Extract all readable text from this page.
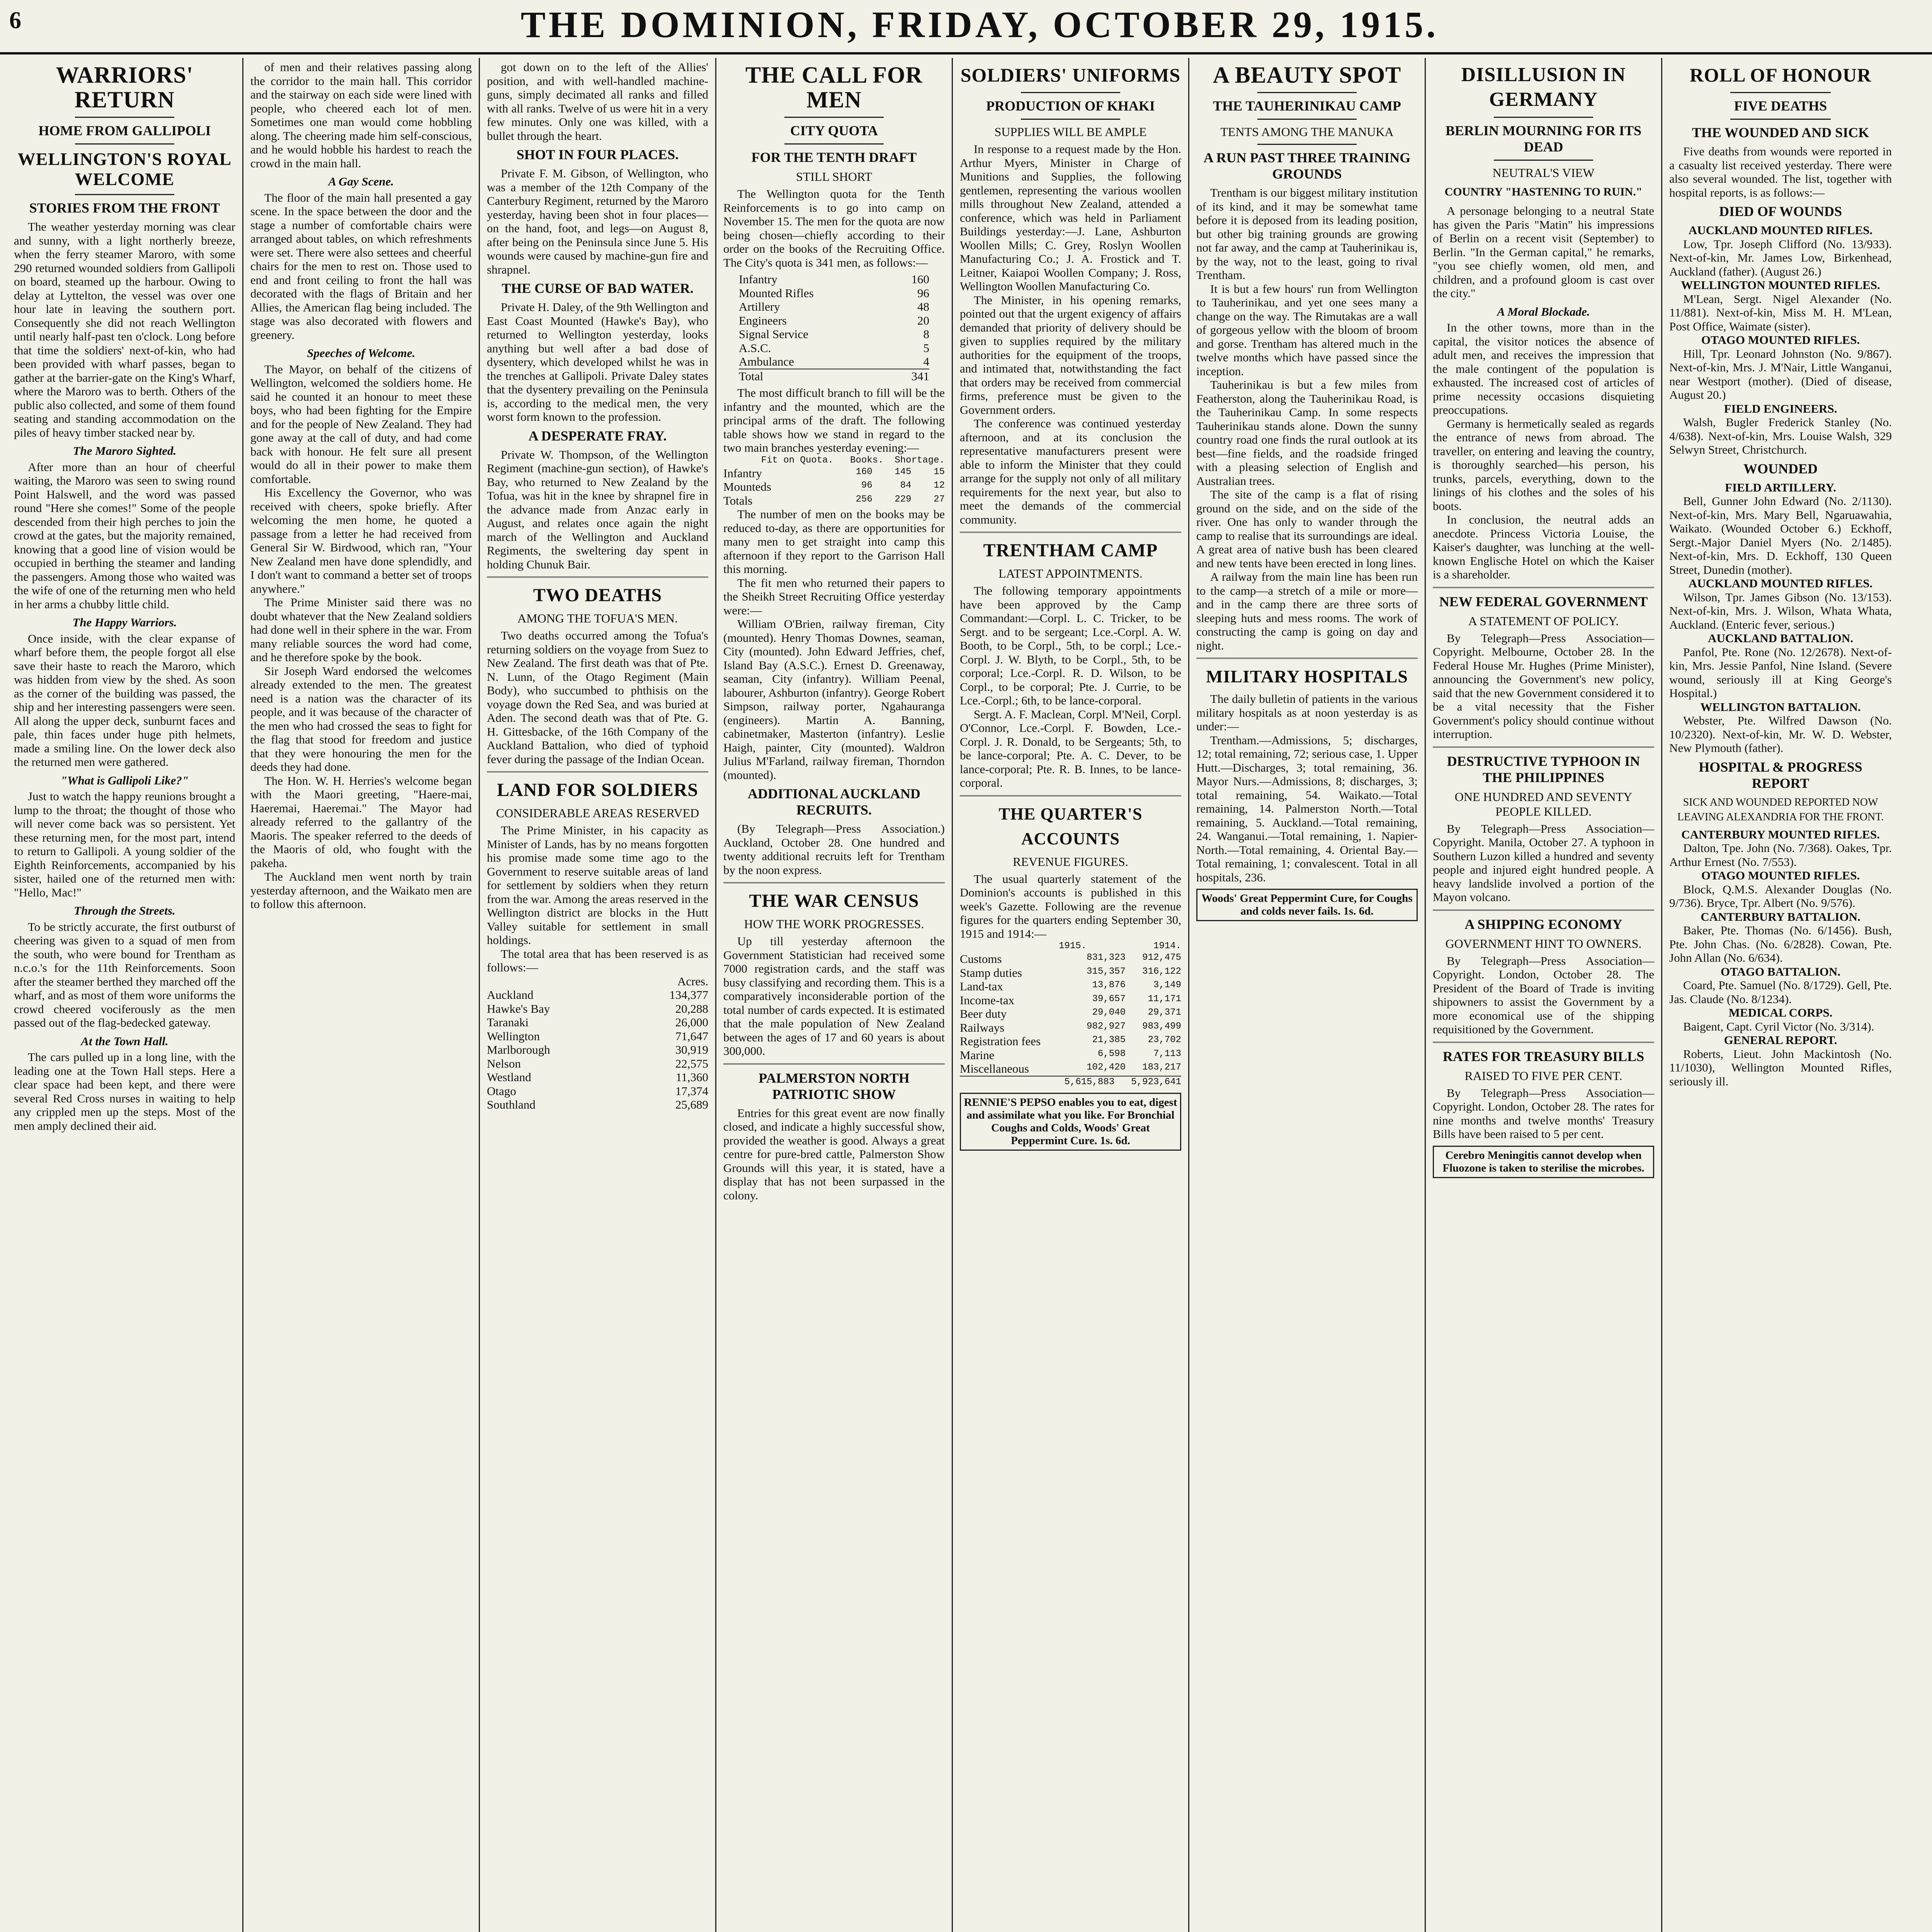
6	THE DOMINION, FRIDAY, OCTOBER 29, 1915.
WARRIORS' RETURN
HOME FROM GALLIPOLI
WELLINGTON'S ROYAL WELCOME
STORIES FROM THE FRONT

The weather yesterday morning was clear and sunny, with a light northerly breeze, when the ferry steamer Maroro, with some 290 returned wounded soldiers from Gallipoli on board, steamed up the harbour. Owing to delay at Lyttelton, the vessel was over one hour late in leaving the southern port. Consequently she did not reach Wellington until nearly half-past ten o'clock. Long before that time the soldiers' next-of-kin, who had been provided with wharf passes, began to gather at the barrier-gate on the King's Wharf, where the Maroro was to berth. Others of the public also collected, and some of them found seating and standing accommodation on the piles of heavy timber stacked near by.

The Maroro Sighted.

After more than an hour of cheerful waiting, the Maroro was seen to swing round Point Halswell, and the word was passed round "Here she comes!" Some of the people descended from their high perches to join the crowd at the gates, but the majority remained, knowing that a good line of vision would be occupied in berthing the steamer and landing the passengers. Among those who waited was the wife of one of the returning men who held in her arms a chubby little child.

The Happy Warriors.

Once inside, with the clear expanse of wharf before them, the people forgot all else save their haste to reach the Maroro, which was hidden from view by the shed. As soon as the corner of the building was passed, the ship and her interesting passengers were seen. All along the upper deck, sunburnt faces and pale, thin faces under huge pith helmets, made a smiling line. On the lower deck also the returned men were gathered.

"What is Gallipoli Like?"

Just to watch the happy reunions brought a lump to the throat; the thought of those who will never come back was so persistent. Yet these returning men, for the most part, intend to return to Gallipoli. A young soldier of the Eighth Reinforcements, accompanied by his sister, hailed one of the returned men with: "Hello, Mac!"

Through the Streets.

To be strictly accurate, the first outburst of cheering was given to a squad of men from the south, who were bound for Trentham as n.c.o.'s for the 11th Reinforcements. Soon after the steamer berthed they marched off the wharf, and as most of them wore uniforms the crowd cheered vociferously as the men passed out of the flag-bedecked gateway.

At the Town Hall.

The cars pulled up in a long line, with the leading one at the Town Hall steps. Here a clear space had been kept, and there were several Red Cross nurses in waiting to help any crippled men up the steps. Most of the men amply declined their aid.

of men and their relatives passing along the corridor to the main hall. This corridor and the stairway on each side were lined with people, who cheered each lot of men. Sometimes one man would come hobbling along. The cheering made him self-conscious, and he would hobble his hardest to reach the crowd in the main hall.

A Gay Scene.

The floor of the main hall presented a gay scene. In the space between the door and the stage a number of comfortable chairs were arranged about tables, on which refreshments were set. There were also settees and cheerful chairs for the men to rest on. Those used to end and front ceiling to front the hall was decorated with the flags of Britain and her Allies, the American flag being included. The stage was also decorated with flowers and greenery.

Speeches of Welcome.

The Mayor, on behalf of the citizens of Wellington, welcomed the soldiers home. He said he counted it an honour to meet these boys, who had been fighting for the Empire and for the people of New Zealand. They had gone away at the call of duty, and had come back with honour. He felt sure all present would do all in their power to make them comfortable.

His Excellency the Governor, who was received with cheers, spoke briefly. After welcoming the men home, he quoted a passage from a letter he had received from General Sir W. Birdwood, which ran, "Your New Zealand men have done splendidly, and I don't want to command a better set of troops anywhere."

The Prime Minister said there was no doubt whatever that the New Zealand soldiers had done well in their sphere in the war. From many reliable sources the word had come, and he therefore spoke by the book.

Sir Joseph Ward endorsed the welcomes already extended to the men. The greatest need is a nation was the character of its people, and it was because of the character of the men who had crossed the seas to fight for the flag that stood for freedom and justice that they were honouring the men for the deeds they had done.

The Hon. W. H. Herries's welcome began with the Maori greeting, "Haere-mai, Haeremai, Haeremai." The Mayor had already referred to the gallantry of the Maoris. The speaker referred to the deeds of the Maoris of old, who fought with the pakeha.

The Auckland men went north by train yesterday afternoon, and the Waikato men are to follow this afternoon.

got down on to the left of the Allies' position, and with well-handled machine-guns, simply decimated all ranks and filled with all ranks. Twelve of us were hit in a very few minutes. Only one was killed, with a bullet through the heart.

SHOT IN FOUR PLACES.

Private F. M. Gibson, of Wellington, who was a member of the 12th Company of the Canterbury Regiment, returned by the Maroro yesterday, having been shot in four places—on the hand, foot, and legs—on August 8, after being on the Peninsula since June 5. His wounds were caused by machine-gun fire and shrapnel.

THE CURSE OF BAD WATER.

Private H. Daley, of the 9th Wellington and East Coast Mounted (Hawke's Bay), who returned to Wellington yesterday, looks anything but well after a bad dose of dysentery, which developed whilst he was in the trenches at Gallipoli. Private Daley states that the dysentery prevailing on the Peninsula is, according to the medical men, the very worst form known to the profession.

A DESPERATE FRAY.

Private W. Thompson, of the Wellington Regiment (machine-gun section), of Hawke's Bay, who returned to New Zealand by the Tofua, was hit in the knee by shrapnel fire in the advance made from Anzac early in August, and relates once again the night march of the Wellington and Auckland Regiments, the sweltering day spent in holding Chunuk Bair.

TWO DEATHS
AMONG THE TOFUA'S MEN.

Two deaths occurred among the Tofua's returning soldiers on the voyage from Suez to New Zealand. The first death was that of Pte. N. Lunn, of the Otago Regiment (Main Body), who succumbed to phthisis on the voyage down the Red Sea, and was buried at Aden. The second death was that of Pte. G. H. Gittesbacke, of the 16th Company of the Auckland Battalion, who died of typhoid fever during the passage of the Indian Ocean.

LAND FOR SOLDIERS
CONSIDERABLE AREAS RESERVED

The Prime Minister, in his capacity as Minister of Lands, has by no means forgotten his promise made some time ago to the Government to reserve suitable areas of land for settlement by soldiers when they return from the war. Among the areas reserved in the Wellington district are blocks in the Hutt Valley suitable for settlement in small holdings.

The total area that has been reserved is as follows:—

Acres.
Auckland	134,377
Hawke's Bay	20,288
Taranaki	26,000
Wellington	71,647
Marlborough	30,919
Nelson	22,575
Westland	11,360
Otago	17,374
Southland	25,689
THE CALL FOR MEN
CITY QUOTA
FOR THE TENTH DRAFT
STILL SHORT

The Wellington quota for the Tenth Reinforcements is to go into camp on November 15. The men for the quota are now being chosen—chiefly according to their order on the books of the Recruiting Office. The City's quota is 341 men, as follows:—

Infantry	160
Mounted Rifles	96
Artillery	48
Engineers	20
Signal Service	8
A.S.C.	5
Ambulance	4
Total	341

The most difficult branch to fill will be the infantry and the mounted, which are the principal arms of the draft. The following table shows how we stand in regard to the two main branches yesterday evening:—

Fit on Quota.   Books.  Shortage.
Infantry	160    145    15
Mounteds	96     84    12
Totals	256    229    27

The number of men on the books may be reduced to-day, as there are opportunities for many men to get straight into camp this afternoon if they report to the Garrison Hall this morning.

The fit men who returned their papers to the Sheikh Street Recruiting Office yesterday were:—

William O'Brien, railway fireman, City (mounted). Henry Thomas Downes, seaman, City (mounted). John Edward Jeffries, chef, Island Bay (A.S.C.). Ernest D. Greenaway, seaman, City (infantry). William Peenal, labourer, Ashburton (infantry). George Robert Simpson, railway porter, Ngahauranga (engineers). Martin A. Banning, cabinetmaker, Masterton (infantry). Leslie Haigh, painter, City (mounted). Waldron Julius M'Farland, railway fireman, Thorndon (mounted).

ADDITIONAL AUCKLAND RECRUITS.

(By Telegraph—Press Association.) Auckland, October 28. One hundred and twenty additional recruits left for Trentham by the noon express.

THE WAR CENSUS
HOW THE WORK PROGRESSES.

Up till yesterday afternoon the Government Statistician had received some 7000 registration cards, and the staff was busy classifying and recording them. This is a comparatively inconsiderable portion of the total number of cards expected. It is estimated that the male population of New Zealand between the ages of 17 and 60 years is about 300,000.

PALMERSTON NORTH PATRIOTIC SHOW

Entries for this great event are now finally closed, and indicate a highly successful show, provided the weather is good. Always a great centre for pure-bred cattle, Palmerston Show Grounds will this year, it is stated, have a display that has not been surpassed in the colony.

SOLDIERS' UNIFORMS
PRODUCTION OF KHAKI
SUPPLIES WILL BE AMPLE

In response to a request made by the Hon. Arthur Myers, Minister in Charge of Munitions and Supplies, the following gentlemen, representing the various woollen mills throughout New Zealand, attended a conference, which was held in Parliament Buildings yesterday:—J. Lane, Ashburton Woollen Mills; C. Grey, Roslyn Woollen Manufacturing Co.; J. A. Frostick and T. Leitner, Kaiapoi Woollen Company; J. Ross, Wellington Woollen Manufacturing Co.

The Minister, in his opening remarks, pointed out that the urgent exigency of affairs demanded that priority of delivery should be given to supplies required by the military authorities for the equipment of the troops, and intimated that, notwithstanding the fact that orders may be received from commercial firms, preference must be given to the Government orders.

The conference was continued yesterday afternoon, and at its conclusion the representative manufacturers present were able to inform the Minister that they could arrange for the supply not only of all military requirements for the next year, but also to meet the demands of the commercial community.

TRENTHAM CAMP
LATEST APPOINTMENTS.

The following temporary appointments have been approved by the Camp Commandant:—Corpl. L. C. Tricker, to be Sergt. and to be sergeant; Lce.-Corpl. A. W. Booth, to be Corpl., 5th, to be corpl.; Lce.-Corpl. J. W. Blyth, to be Corpl., 5th, to be corporal; Lce.-Corpl. R. D. Wilson, to be Corpl., to be corporal; Pte. J. Currie, to be Lce.-Corpl.; 6th, to be lance-corporal.

Sergt. A. F. Maclean, Corpl. M'Neil, Corpl. O'Connor, Lce.-Corpl. F. Bowden, Lce.-Corpl. J. R. Donald, to be Sergeants; 5th, to be lance-corporal; Pte. A. C. Dever, to be lance-corporal; Pte. R. B. Innes, to be lance-corporal.

THE QUARTER'S ACCOUNTS
REVENUE FIGURES.

The usual quarterly statement of the Dominion's accounts is published in this week's Gazette. Following are the revenue figures for the quarters ending September 30, 1915 and 1914:—

1915.            1914.
Customs	831,323   912,475
Stamp duties	315,357   316,122
Land-tax	13,876     3,149
Income-tax	39,657    11,171
Beer duty	29,040    29,371
Railways	982,927   983,499
Registration fees	21,385    23,702
Marine	6,598     7,113
Miscellaneous	102,420   183,217
5,615,883   5,923,641
RENNIE'S PEPSO enables you to eat, digest and assimilate what you like. For Bronchial Coughs and Colds, Woods' Great Peppermint Cure. 1s. 6d.
A BEAUTY SPOT
THE TAUHERINIKAU CAMP
TENTS AMONG THE MANUKA
A RUN PAST THREE TRAINING GROUNDS

Trentham is our biggest military institution of its kind, and it may be somewhat tame before it is deposed from its leading position, but other big training grounds are growing not far away, and the camp at Tauherinikau is, by the way, not to the least, going to rival Trentham.

It is but a few hours' run from Wellington to Tauherinikau, and yet one sees many a change on the way. The Rimutakas are a wall of gorgeous yellow with the bloom of broom and gorse. Trentham has altered much in the twelve months which have passed since the inception.

Tauherinikau is but a few miles from Featherston, along the Tauherinikau Road, is the Tauherinikau Camp. In some respects Tauherinikau stands alone. Down the sunny country road one finds the rural outlook at its best—fine fields, and the roadside fringed with a pleasing selection of English and Australian trees.

The site of the camp is a flat of rising ground on the side, and on the side of the river. One has only to wander through the camp to realise that its surroundings are ideal. A great area of native bush has been cleared and new tents have been erected in long lines.

A railway from the main line has been run to the camp—a stretch of a mile or more—and in the camp there are three sorts of sleeping huts and mess rooms. The work of constructing the camp is going on day and night.

MILITARY HOSPITALS

The daily bulletin of patients in the various military hospitals as at noon yesterday is as under:—

Trentham.—Admissions, 5; discharges, 12; total remaining, 72; serious case, 1. Upper Hutt.—Discharges, 3; total remaining, 36. Mayor Nurs.—Admissions, 8; discharges, 3; total remaining, 54. Waikato.—Total remaining, 14. Palmerston North.—Total remaining, 5. Auckland.—Total remaining, 24. Wanganui.—Total remaining, 1. Napier-North.—Total remaining, 4. Oriental Bay.—Total remaining, 1; convalescent. Total in all hospitals, 236.

Woods' Great Peppermint Cure, for Coughs and colds never fails. 1s. 6d.
DISILLUSION IN GERMANY
BERLIN MOURNING FOR ITS DEAD
NEUTRAL'S VIEW
COUNTRY "HASTENING TO RUIN."

A personage belonging to a neutral State has given the Paris "Matin" his impressions of Berlin on a recent visit (September) to Berlin. "In the German capital," he remarks, "you see chiefly women, old men, and children, and a profound gloom is cast over the city."

A Moral Blockade.

In the other towns, more than in the capital, the visitor notices the absence of adult men, and receives the impression that the male contingent of the population is exhausted. The increased cost of articles of prime necessity occasions disquieting preoccupations.

Germany is hermetically sealed as regards the entrance of news from abroad. The traveller, on entering and leaving the country, is thoroughly searched—his person, his trunks, parcels, everything, down to the linings of his clothes and the soles of his boots.

In conclusion, the neutral adds an anecdote. Princess Victoria Louise, the Kaiser's daughter, was lunching at the well-known Englische Hotel on which the Kaiser is a shareholder.

NEW FEDERAL GOVERNMENT
A STATEMENT OF POLICY.

By Telegraph—Press Association—Copyright. Melbourne, October 28. In the Federal House Mr. Hughes (Prime Minister), announcing the Government's new policy, said that the new Government considered it to be a vital necessity that the Fisher Government's policy should continue without interruption.

DESTRUCTIVE TYPHOON IN THE PHILIPPINES
ONE HUNDRED AND SEVENTY PEOPLE KILLED.

By Telegraph—Press Association—Copyright. Manila, October 27. A typhoon in Southern Luzon killed a hundred and seventy people and injured eight hundred people. A heavy landslide involved a portion of the Mayon volcano.

A SHIPPING ECONOMY
GOVERNMENT HINT TO OWNERS.

By Telegraph—Press Association—Copyright. London, October 28. The President of the Board of Trade is inviting shipowners to assist the Government by a more economical use of the shipping requisitioned by the Government.

RATES FOR TREASURY BILLS
RAISED TO FIVE PER CENT.

By Telegraph—Press Association—Copyright. London, October 28. The rates for nine months and twelve months' Treasury Bills have been raised to 5 per cent.

Cerebro Meningitis cannot develop when Fluozone is taken to sterilise the microbes.
ROLL OF HONOUR
FIVE DEATHS
THE WOUNDED AND SICK

Five deaths from wounds were reported in a casualty list received yesterday. There were also several wounded. The list, together with hospital reports, is as follows:—

DIED OF WOUNDS
AUCKLAND MOUNTED RIFLES.

Low, Tpr. Joseph Clifford (No. 13/933). Next-of-kin, Mr. James Low, Birkenhead, Auckland (father). (August 26.)

WELLINGTON MOUNTED RIFLES.

M'Lean, Sergt. Nigel Alexander (No. 11/881). Next-of-kin, Miss M. H. M'Lean, Post Office, Waimate (sister).

OTAGO MOUNTED RIFLES.

Hill, Tpr. Leonard Johnston (No. 9/867). Next-of-kin, Mrs. J. M'Nair, Little Wanganui, near Westport (mother). (Died of disease, August 20.)

FIELD ENGINEERS.

Walsh, Bugler Frederick Stanley (No. 4/638). Next-of-kin, Mrs. Louise Walsh, 329 Selwyn Street, Christchurch.

WOUNDED
FIELD ARTILLERY.

Bell, Gunner John Edward (No. 2/1130). Next-of-kin, Mrs. Mary Bell, Ngaruawahia, Waikato. (Wounded October 6.) Eckhoff, Sergt.-Major Daniel Myers (No. 2/1485). Next-of-kin, Mrs. D. Eckhoff, 130 Queen Street, Dunedin (mother).

AUCKLAND MOUNTED RIFLES.

Wilson, Tpr. James Gibson (No. 13/153). Next-of-kin, Mrs. J. Wilson, Whata Whata, Auckland. (Enteric fever, serious.)

AUCKLAND BATTALION.

Panfol, Pte. Rone (No. 12/2678). Next-of-kin, Mrs. Jessie Panfol, Nine Island. (Severe wound, seriously ill at King George's Hospital.)

WELLINGTON BATTALION.

Webster, Pte. Wilfred Dawson (No. 10/2320). Next-of-kin, Mr. W. D. Webster, New Plymouth (father).

HOSPITAL & PROGRESS REPORT
SICK AND WOUNDED REPORTED NOW LEAVING ALEXANDRIA FOR THE FRONT.
CANTERBURY MOUNTED RIFLES.

Dalton, Tpe. John (No. 7/368). Oakes, Tpr. Arthur Ernest (No. 7/553).

OTAGO MOUNTED RIFLES.

Block, Q.M.S. Alexander Douglas (No. 9/736). Bryce, Tpr. Albert (No. 9/576).

CANTERBURY BATTALION.

Baker, Pte. Thomas (No. 6/1456). Bush, Pte. John Chas. (No. 6/2828). Cowan, Pte. John Allan (No. 6/634).

OTAGO BATTALION.

Coard, Pte. Samuel (No. 8/1729). Gell, Pte. Jas. Claude (No. 8/1234).

MEDICAL CORPS.

Baigent, Capt. Cyril Victor (No. 3/314).

GENERAL REPORT.

Roberts, Lieut. John Mackintosh (No. 11/1030), Wellington Mounted Rifles, seriously ill.
